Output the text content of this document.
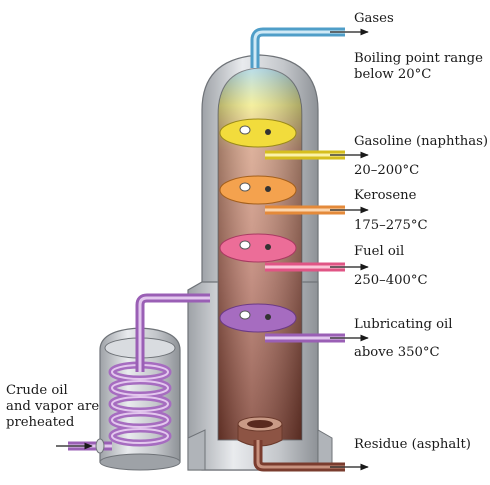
Gases
Boiling point range
below 20°C
Gasoline (naphthas)
20–200°C
Kerosene
175–275°C
Fuel oil
250–400°C
Lubricating oil
above 350°C
Residue (asphalt)
Crude oil
and vapor are
preheated
